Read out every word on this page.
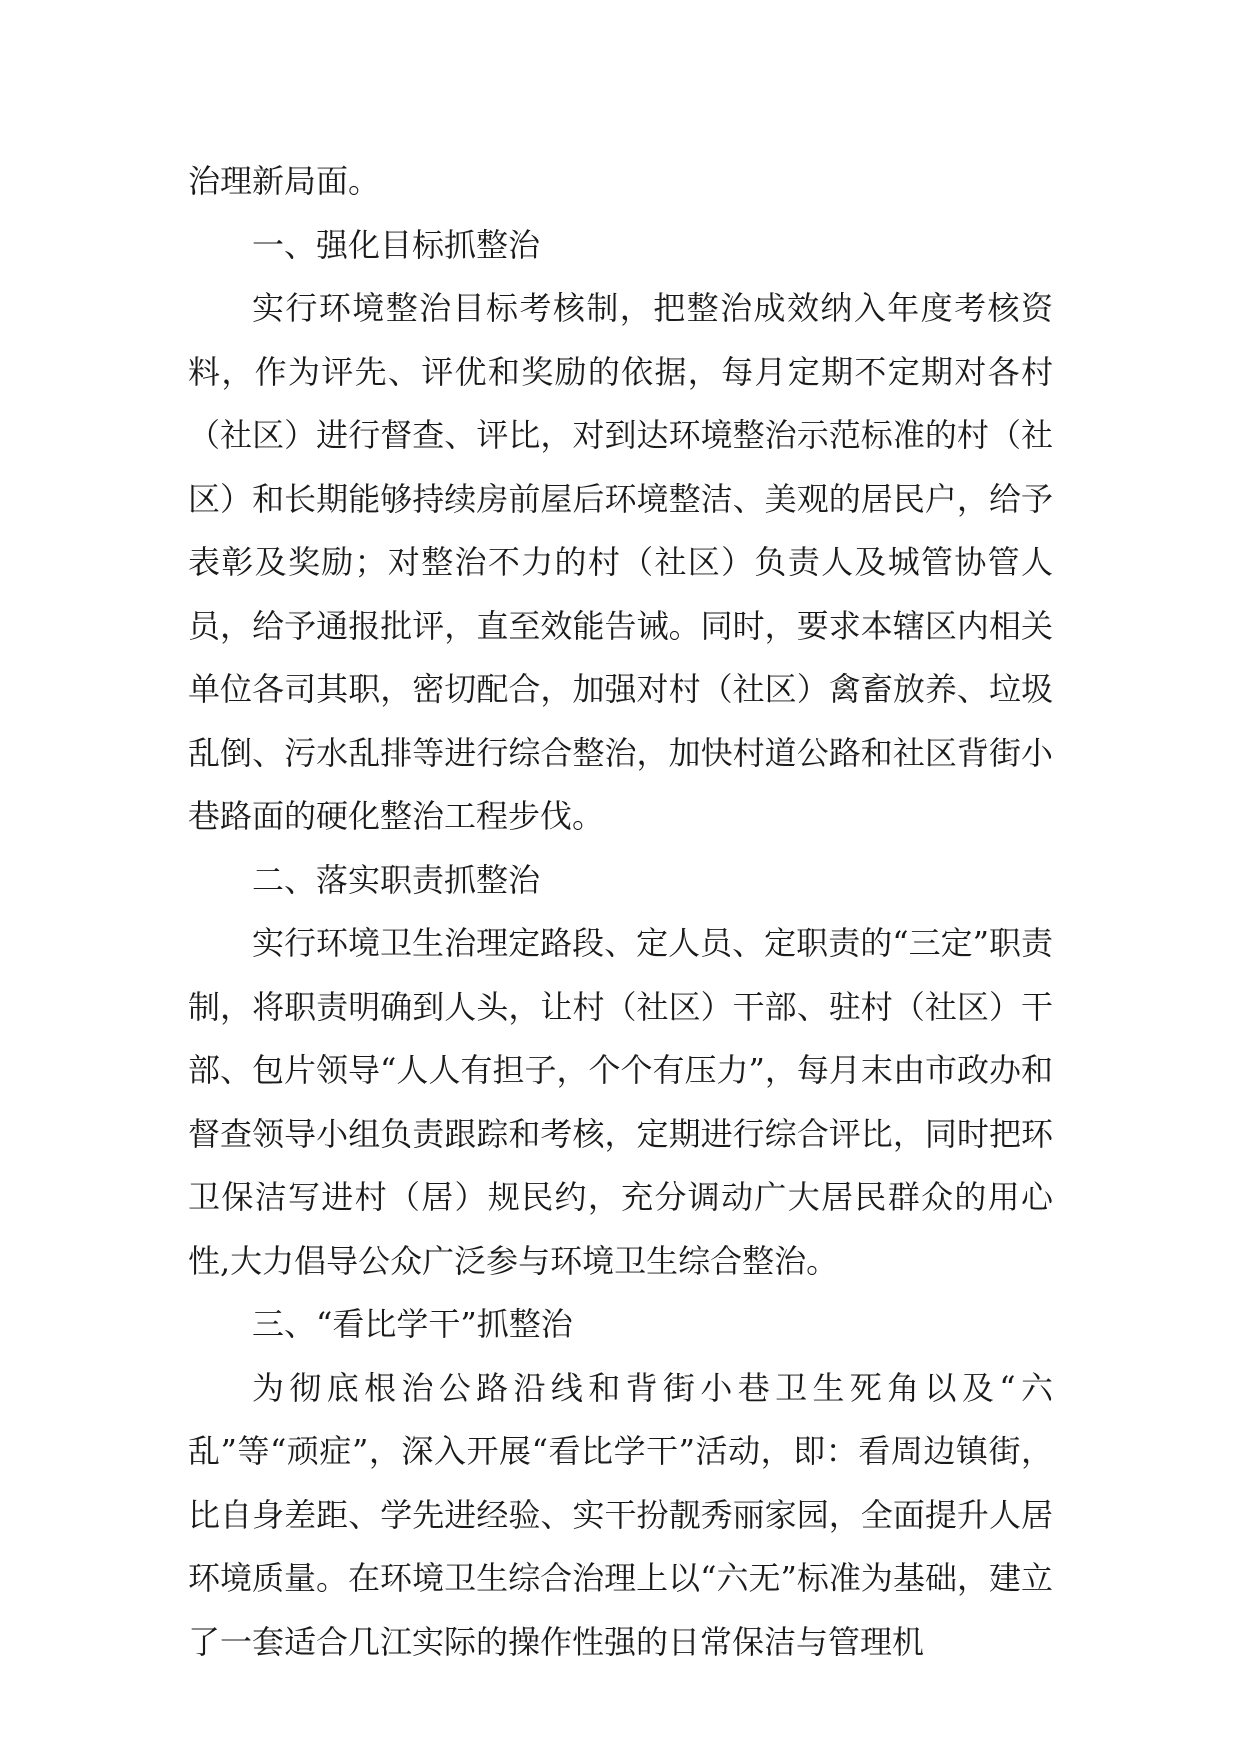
治理新局面。

一、强化目标抓整治

实行环境整治目标考核制，把整治成效纳入年度考核资料，作为评先、评优和奖励的依据，每月定期不定期对各村（社区）进行督查、评比，对到达环境整治示范标准的村（社区）和长期能够持续房前屋后环境整洁、美观的居民户，给予表彰及奖励；对整治不力的村（社区）负责人及城管协管人员，给予通报批评，直至效能告诫。同时，要求本辖区内相关单位各司其职，密切配合，加强对村（社区）禽畜放养、垃圾乱倒、污水乱排等进行综合整治，加快村道公路和社区背街小巷路面的硬化整治工程步伐。

二、落实职责抓整治

实行环境卫生治理定路段、定人员、定职责的“三定”职责制，将职责明确到人头，让村（社区）干部、驻村（社区）干部、包片领导“人人有担子，个个有压力”，每月末由市政办和督查领导小组负责跟踪和考核，定期进行综合评比，同时把环卫保洁写进村（居）规民约，充分调动广大居民群众的用心性,大力倡导公众广泛参与环境卫生综合整治。

三、“看比学干”抓整治

为彻底根治公路沿线和背街小巷卫生死角以及“六乱”等“顽症”，深入开展“看比学干”活动，即：看周边镇街，比自身差距、学先进经验、实干扮靓秀丽家园，全面提升人居环境质量。在环境卫生综合治理上以“六无”标准为基础，建立了一套适合几江实际的操作性强的日常保洁与管理机
